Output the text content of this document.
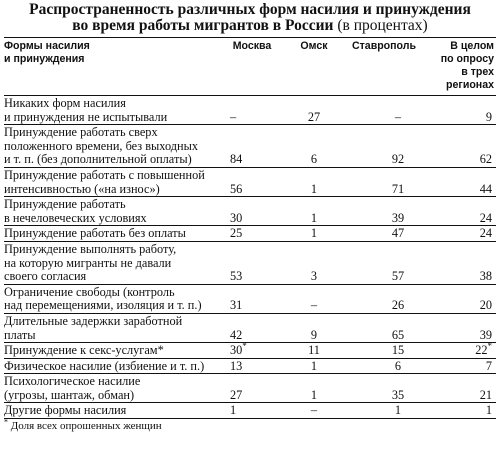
Распространенность различных форм насилия и принуждения
во время работы мигрантов в России (в процентах)
Формы насилия
и принуждения	Москва	Омск	Ставрополь	В целом
по опросу
в трех
регионах
Никаких форм насилия
и принуждения не испытывали	–	27	–	9
Принуждение работать сверх
положенного времени, без выходных
и т. п. (без дополнительной оплаты)	84	6	92	62
Принуждение работать с повышенной
интенсивностью («на износ»)	56	1	71	44
Принуждение работать
в нечеловеческих условиях	30	1	39	24
Принуждение работать без оплаты	25	1	47	24
Принуждение выполнять работу,
на которую мигранты не давали
своего согласия	53	3	57	38
Ограничение свободы (контроль
над перемещениями, изоляция и т. п.)	31	–	26	20
Длительные задержки заработной платы	42	9	65	39
Принуждение к секс-услугам*	30*	11	15	22*
Физическое насилие (избиение и т. п.)	13	1	6	7
Психологическое насилие
(угрозы, шантаж, обман)	27	1	35	21
Другие формы насилия	1	–	1	1
* Доля всех опрошенных женщин
